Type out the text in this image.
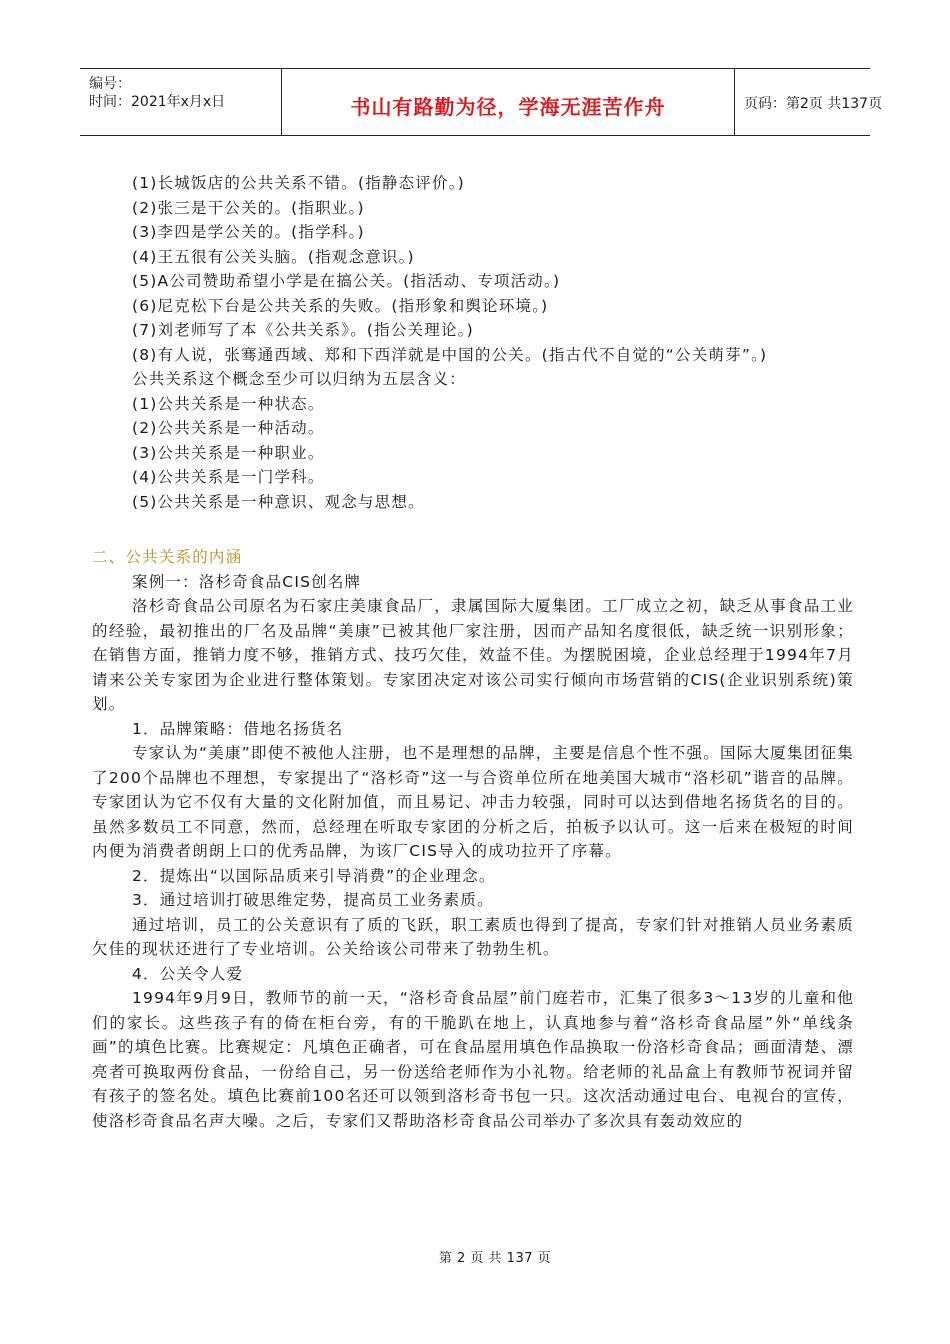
编号：
时间：2021年x月x日	书山有路勤为径，学海无涯苦作舟	页码：第2页 共137页

(1)长城饭店的公共关系不错。(指静态评价。)

(2)张三是干公关的。(指职业。)

(3)李四是学公关的。(指学科。)

(4)王五很有公关头脑。(指观念意识。)

(5)A公司赞助希望小学是在搞公关。(指活动、专项活动。)

(6)尼克松下台是公共关系的失败。(指形象和舆论环境。)

(7)刘老师写了本《公共关系》。(指公关理论。)

(8)有人说，张骞通西域、郑和下西洋就是中国的公关。(指古代不自觉的“公关萌芽”。)

公共关系这个概念至少可以归纳为五层含义：

(1)公共关系是一种状态。

(2)公共关系是一种活动。

(3)公共关系是一种职业。

(4)公共关系是一门学科。

(5)公共关系是一种意识、观念与思想。

二、公共关系的内涵

案例一：洛杉奇食品CIS创名牌

洛杉奇食品公司原名为石家庄美康食品厂，隶属国际大厦集团。工厂成立之初，缺乏从事食品工业的经验，最初推出的厂名及品牌“美康”已被其他厂家注册，因而产品知名度很低，缺乏统一识别形象；在销售方面，推销力度不够，推销方式、技巧欠佳，效益不佳。为摆脱困境，企业总经理于1994年7月请来公关专家团为企业进行整体策划。专家团决定对该公司实行倾向市场营销的CIS(企业识别系统)策划。

1．品牌策略：借地名扬货名

专家认为“美康”即使不被他人注册，也不是理想的品牌，主要是信息个性不强。国际大厦集团征集了200个品牌也不理想，专家提出了“洛杉奇”这一与合资单位所在地美国大城市“洛杉矶”谐音的品牌。专家团认为它不仅有大量的文化附加值，而且易记、冲击力较强，同时可以达到借地名扬货名的目的。虽然多数员工不同意，然而，总经理在听取专家团的分析之后，拍板予以认可。这一后来在极短的时间内便为消费者朗朗上口的优秀品牌，为该厂CIS导入的成功拉开了序幕。

2．提炼出“以国际品质来引导消费”的企业理念。

3．通过培训打破思维定势，提高员工业务素质。

通过培训，员工的公关意识有了质的飞跃，职工素质也得到了提高，专家们针对推销人员业务素质欠佳的现状还进行了专业培训。公关给该公司带来了勃勃生机。

4．公关令人爱

1994年9月9日，教师节的前一天，“洛杉奇食品屋”前门庭若市，汇集了很多3～13岁的儿童和他们的家长。这些孩子有的倚在柜台旁，有的干脆趴在地上，认真地参与着“洛杉奇食品屋”外“单线条画”的填色比赛。比赛规定：凡填色正确者，可在食品屋用填色作品换取一份洛杉奇食品；画面清楚、漂亮者可换取两份食品，一份给自己，另一份送给老师作为小礼物。给老师的礼品盒上有教师节祝词并留有孩子的签名处。填色比赛前100名还可以领到洛杉奇书包一只。这次活动通过电台、电视台的宣传，使洛杉奇食品名声大噪。之后，专家们又帮助洛杉奇食品公司举办了多次具有轰动效应的

第 2 页 共 137 页
